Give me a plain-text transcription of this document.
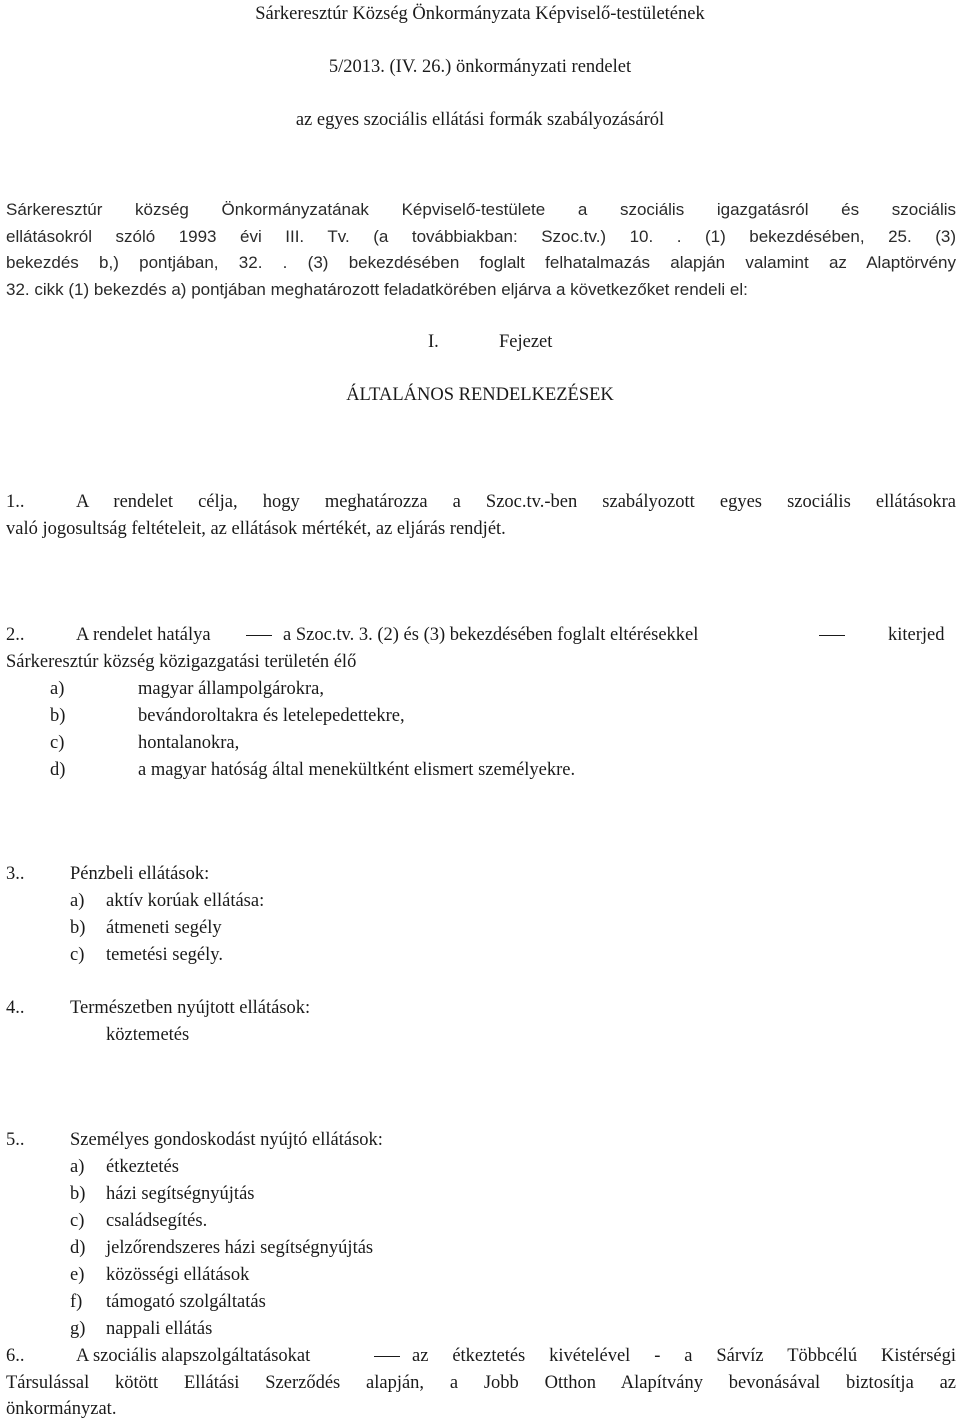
Sárkeresztúr Község Önkormányzata Képviselő-testületének
5/2013. (IV. 26.) önkormányzati rendelet
az egyes szociális ellátási formák szabályozásáról
Sárkeresztúr község Önkormányzatának Képviselő-testülete a szociális igazgatásról és szociális
ellátásokról szóló 1993 évi III. Tv. (a továbbiakban: Szoc.tv.) 10. . (1) bekezdésében, 25. (3)
bekezdés b,) pontjában, 32. . (3) bekezdésében foglalt felhatalmazás alapján valamint az Alaptörvény
32. cikk (1) bekezdés a) pontjában meghatározott feladatkörében eljárva a következőket rendeli el:
I.	Fejezet
ÁLTALÁNOS RENDELKEZÉSEK
1..	A rendelet célja, hogy meghatározza a Szoc.tv.-ben szabályozott egyes szociális ellátásokra
való jogosultság feltételeit, az ellátások mértékét, az eljárás rendjét.
2..	A rendelet hatálya	a Szoc.tv. 3. (2) és (3) bekezdésében foglalt eltérésekkel	kiterjed
Sárkeresztúr község közigazgatási területén élő
a)	magyar állampolgárokra,
b)	bevándoroltakra és letelepedettekre,
c)	hontalanokra,
d)	a magyar hatóság által menekültként elismert személyekre.
3.. Pénzbeli ellátások:
a) aktív korúak ellátása:
b) átmeneti segély
c) temetési segély.
4.. Természetben nyújtott ellátások:
köztemetés
5.. Személyes gondoskodást nyújtó ellátások:
a) étkeztetés
b) házi segítségnyújtás
c) családsegítés.
d) jelzőrendszeres házi segítségnyújtás
e) közösségi ellátások
f) támogató szolgáltatás
g) nappali ellátás
6..	A szociális alapszolgáltatásokat	az étkeztetés kivételével - a Sárvíz Többcélú Kistérségi
Társulással kötött Ellátási Szerződés alapján, a Jobb Otthon Alapítvány bevonásával biztosítja az
önkormányzat.
